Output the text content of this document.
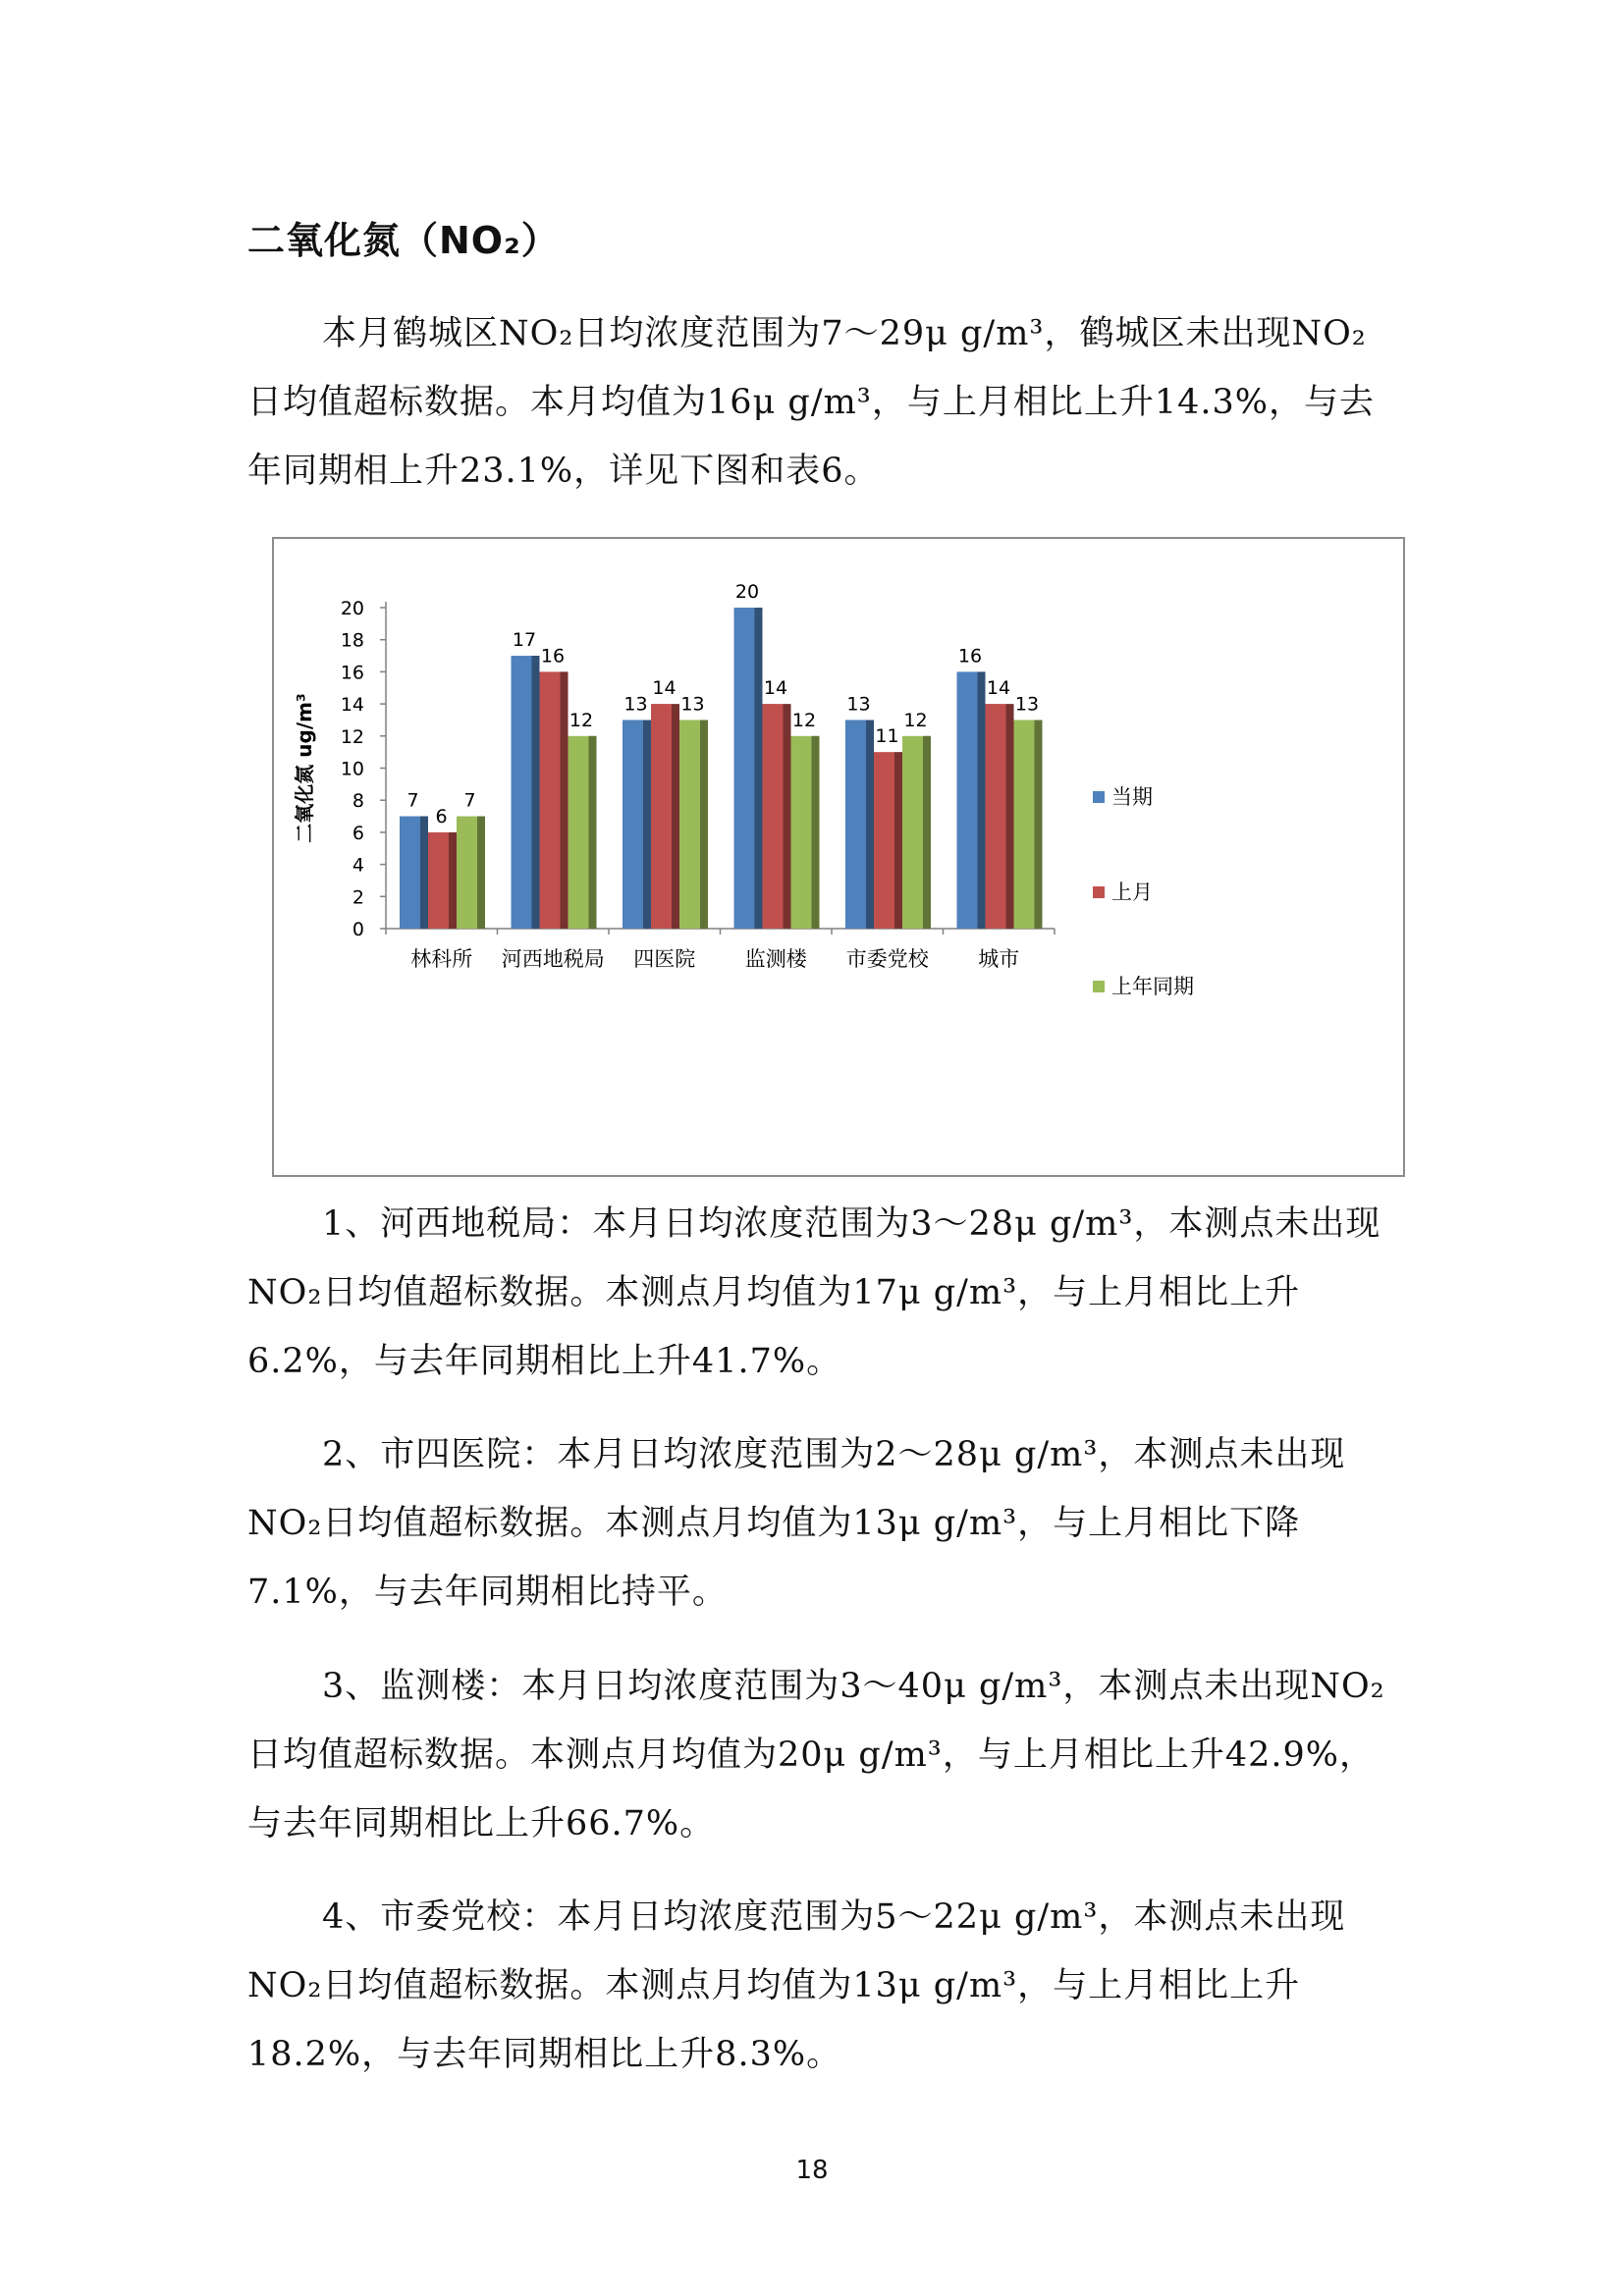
二氧化氮（NO₂）

本月鹤城区NO₂日均浓度范围为7～29μ g/m³，鹤城区未出现NO₂日均值超标数据。本月均值为16μ g/m³，与上月相比上升14.3%，与去年同期相上升23.1%，详见下图和表6。

0
2
4
6
8
10
12
14
16
18
20
二氧化氮 ug/m³	7
6
7
林科所
17
16
12
河西地税局
13
14
13
四医院
20
14
12
监测楼
13
11
12
市委党校
16
14
13
城市
当期
上月
上年同期

1、河西地税局：本月日均浓度范围为3～28μ g/m³，本测点未出现NO₂日均值超标数据。本测点月均值为17μ g/m³，与上月相比上升6.2%，与去年同期相比上升41.7%。

2、市四医院：本月日均浓度范围为2～28μ g/m³，本测点未出现NO₂日均值超标数据。本测点月均值为13μ g/m³，与上月相比下降7.1%，与去年同期相比持平。

3、监测楼：本月日均浓度范围为3～40μ g/m³，本测点未出现NO₂日均值超标数据。本测点月均值为20μ g/m³，与上月相比上升42.9%，与去年同期相比上升66.7%。

4、市委党校：本月日均浓度范围为5～22μ g/m³，本测点未出现NO₂日均值超标数据。本测点月均值为13μ g/m³，与上月相比上升18.2%，与去年同期相比上升8.3%。

18
